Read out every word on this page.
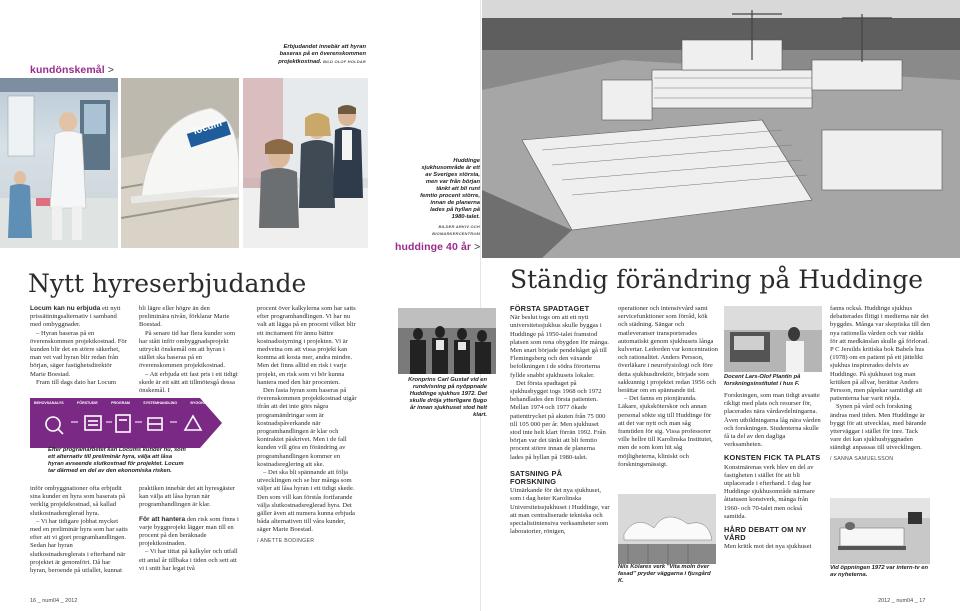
kundönskemål >
Erbjudandet innebär att hyran baseras på en överenskommen projektkostnad. BILD OLOF HOLDAR
locum
Nytt hyreserbjudande

Locum kan nu erbjuda ett nytt prissättningsalternativ i samband med ombyggnader.

– Hyran baseras på en överenskommen projektkostnad. För kunden blir det en större säkerhet, man vet vad hyran blir redan från början, säger fastighetsdirektör Marie Boestad.

Fram till dags dato har Locum

bli lägre eller högre än den preliminära nivån, förklarar Marie Boestad.

På senare tid har flera kunder som har stått inför ombyggnadsprojekt uttryckt önskemål om att hyran i stället ska baseras på en överenskommen projektkostnad.

– Att erbjuda ett fast pris i ett tidigt skede är ett sätt att tillmötesgå dessa önskemål. I

BEHOVSANALYS	FÖRSTUDIE	PROGRAM	SYSTEMHANDLING	BYGGHANDLING
Efter programarbetet kan Locums kunder nu, som ett alternativ till preliminär hyra, välja att låsa hyran avseende slutkostnad för projektet. Locum tar därmed en del av den ekonomiska risken.

inför ombyggnationer ofta erbjudit sina kunder en hyra som baserats på verklig projektkostnad, så kallad slutkostnadsreglerad hyra.

– Vi har tidigare jobbat mycket med en preliminär hyra som har satts efter att vi gjort programhandlingen. Sedan har hyran slutkostnadsreglerats i efterhand när projektet är genomfört. Då har hyran, beroende på utfallet, kunnat

praktiken innebär det att hyresgäster kan välja att låsa hyran när programhandlingen är klar.

För att hantera den risk som finns i varje byggprojekt lägger man till en procent på den beräknade projektkostnaden.

– Vi har tittat på kalkyler och utfall ett antal år tillbaka i tiden och sett att vi i snitt har legat två

procent över kalkylerna som har satts efter programhandlingen. Vi har nu valt att lägga på en procent vilket blir ett incitament för ännu bättre kostnadsstyrning i projekten. Vi är medvetna om att vissa projekt kan komma att kosta mer, andra mindre. Men det finns alltid en risk i varje projekt, en risk som vi bör kunna hantera med den här procenten.

Den fasta hyran som baseras på överenskommen projektkostnad utgår ifrån att det inte görs några programändringar som är kostnadspåverkande när programhandlingen är klar och kontraktet påskrivet. Men i de fall kunden vill göra en förändring av programhandlingen kommer en kostnadsreglering att ske.

– Det ska bli spännande att följa utvecklingen och se hur många som väljer att låsa hyran i ett tidigt skede. Den som vill kan förstås fortfarande välja slutkostnadsreglerad hyra. Det gäller även att numera kunna erbjuda båda alternativen till våra kunder, säger Marie Boestad.

/ ANETTE BODINGER
16 _ num04 _ 2012
Huddinge sjukhusområde är ett av Sveriges största, men var från början tänkt att bli runt femtio procent större, innan de planerna lades på hyllan på 1980-talet.
BILDER ARKIV OCH BIOMARKERCENTRUM
huddinge 40 år >
Ständig förändring på Huddinge
Kronprins Carl Gustaf vid en rundvisning på nyöppnade Huddinge sjukhus 1972. Det skulle dröja ytterligare fjugo år innan sjukhuset stod helt klart.
FÖRSTA SPADTAGET

När beslut togs om att ett nytt universitetssjukhus skulle byggas i Huddinge på 1950-talet framstod platsen som rena obygden för många. Men snart började pendeltåget gå till Flemingsberg och den växande befolkningen i de södra förorterna fyllde snabbt sjukhusets lokaler.

Det första spadtaget på sjukhusbygget togs 1968 och 1972 behandlades den första patienten. Mellan 1974 och 1977 ökade patienttrycket på akuten från 75 000 till 105 000 per år. Men sjukhuset stod inte helt klart förrän 1992. Från början var det tänkt att bli femtio procent större innan de planerna lades på hyllan på 1980-talet.

SATSNING PÅ FORSKNING

Utmärkande för det nya sjukhuset, som i dag heter Karolinska Universitetssjukhuset i Huddinge, var att man centraliserade tekniska och specialistintensiva verksamheter som laboratorier, röntgen,

operationer och intensivvård samt servicefunktioner som förråd, kök och städning. Sängar och matleveranser transporterades automatiskt genom sjukhusets långa kulvertar. Ledorden var koncentration och rationalitet. Anders Persson, överläkare i neurofysiologi och före detta sjukhusdirektör, började som sakkunnig i projektet redan 1956 och berättar om en spännande tid.

– Det fanns en pionjäranda. Läkare, sjuksköterskor och annan personal sökte sig till Huddinge för att det var nytt och man såg framtiden för sig. Vissa professorer ville hellre till Karolinska Institutet, men de som kom hit såg möjligheterna, kliniskt och forskningsmässigt.

Nils Kölares verk "Vita moln över fasad" pryder väggarna i fjusgård K.
Docent Lars-Olof Plantin på forskningsinstitutet i hus F.

Forskningen, som man tidigt avsatte rikligt med plats och resurser för, placerades nära vårdavdelningarna. Även utbildningarna låg nära vården och forskningen. Studenterna skulle få ta del av den dagliga verksamheten.

KONSTEN FICK TA PLATS

Konstmärenas verk blev en del av fastigheten i stället för att bli utplacerade i efterhand. I dag har Huddinge sjukhusområde närmare åttatusen konstverk, många från 1960- och 70-talet men också samtida.

HÅRD DEBATT OM NY VÅRD

Men kritik mot det nya sjukhuset

fanns också. Huddinge sjukhus debatterades flitigt i medierna när det byggdes. Många var skeptiska till den nya rationella vården och var rädda för att medkänslan skulle gå förlorad. P C Jersilds kritiska bok Babels hus (1978) om en patient på ett jättelikt sjukhus inspirerades delvis av Huddinge. På sjukhuset tog man kritiken på allvar, berättar Anders Persson, men påpekar samtidigt att patienterna har varit nöjda.

Synen på vård och forskning ändras med tiden. Men Huddinge är byggt för att utvecklas, med bärande ytterväggar i stället för inre. Tack vare det kan sjukhusbyggnaden ständigt anpassas till utvecklingen.

/ SANNA SAMUELSSON
Vid öppningen 1972 var intern-tv en av nyheterna.
2012 _ num04 _ 17
